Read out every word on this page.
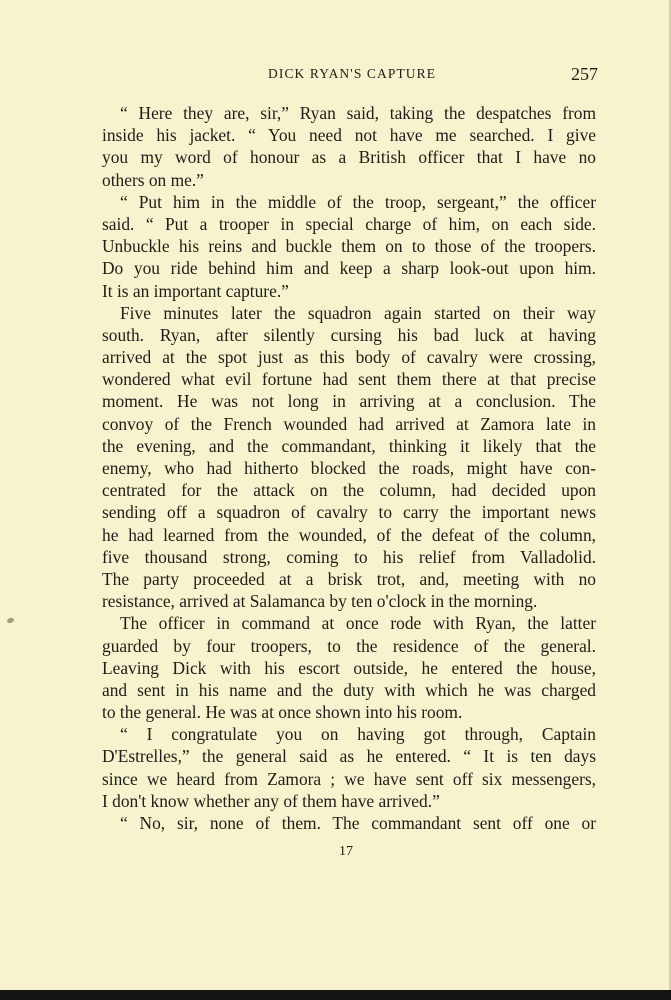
DICK RYAN'S CAPTURE	257
“ Here they are, sir,” Ryan said, taking the despatches from
inside his jacket. “ You need not have me searched. I give
you my word of honour as a British officer that I have no
others on me.”
“ Put him in the middle of the troop, sergeant,” the officer
said. “ Put a trooper in special charge of him, on each side.
Unbuckle his reins and buckle them on to those of the troopers.
Do you ride behind him and keep a sharp look-out upon him.
It is an important capture.”
Five minutes later the squadron again started on their way
south. Ryan, after silently cursing his bad luck at having
arrived at the spot just as this body of cavalry were crossing,
wondered what evil fortune had sent them there at that precise
moment. He was not long in arriving at a conclusion. The
convoy of the French wounded had arrived at Zamora late in
the evening, and the commandant, thinking it likely that the
enemy, who had hitherto blocked the roads, might have con-
centrated for the attack on the column, had decided upon
sending off a squadron of cavalry to carry the important news
he had learned from the wounded, of the defeat of the column,
five thousand strong, coming to his relief from Valladolid.
The party proceeded at a brisk trot, and, meeting with no
resistance, arrived at Salamanca by ten o'clock in the morning.
The officer in command at once rode with Ryan, the latter
guarded by four troopers, to the residence of the general.
Leaving Dick with his escort outside, he entered the house,
and sent in his name and the duty with which he was charged
to the general. He was at once shown into his room.
“ I congratulate you on having got through, Captain
D'Estrelles,” the general said as he entered. “ It is ten days
since we heard from Zamora ; we have sent off six messengers,
I don't know whether any of them have arrived.”
“ No, sir, none of them. The commandant sent off one or
17
